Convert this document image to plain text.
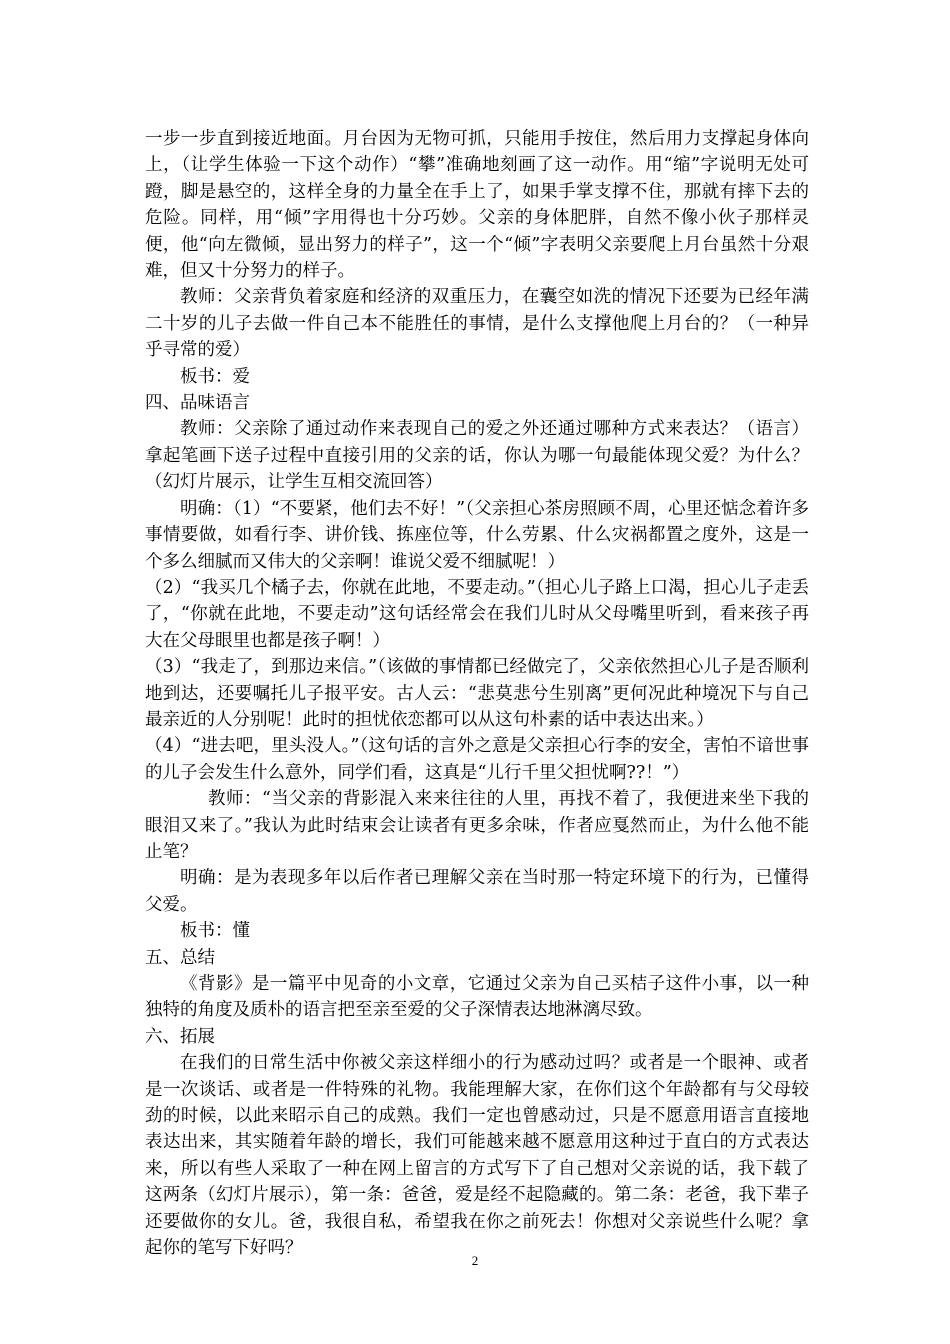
一步一步直到接近地面。月台因为无物可抓，只能用手按住，然后用力支撑起身体向上，（让学生体验一下这个动作）“攀”准确地刻画了这一动作。用“缩”字说明无处可蹬，脚是悬空的，这样全身的力量全在手上了，如果手掌支撑不住，那就有摔下去的危险。同样，用“倾”字用得也十分巧妙。父亲的身体肥胖，自然不像小伙子那样灵便，他“向左微倾，显出努力的样子”，这一个“倾”字表明父亲要爬上月台虽然十分艰难，但又十分努力的样子。

教师：父亲背负着家庭和经济的双重压力，在囊空如洗的情况下还要为已经年满二十岁的儿子去做一件自己本不能胜任的事情，是什么支撑他爬上月台的？（一种异乎寻常的爱）

板书：爱

四、品味语言

教师：父亲除了通过动作来表现自己的爱之外还通过哪种方式来表达？（语言）拿起笔画下送子过程中直接引用的父亲的话，你认为哪一句最能体现父爱？为什么？（幻灯片展示，让学生互相交流回答）

明确：（1）“不要紧，他们去不好！”（父亲担心茶房照顾不周，心里还惦念着许多事情要做，如看行李、讲价钱、拣座位等，什么劳累、什么灾祸都置之度外，这是一个多么细腻而又伟大的父亲啊！谁说父爱不细腻呢！）

（2）“我买几个橘子去，你就在此地，不要走动。”（担心儿子路上口渴，担心儿子走丢了，“你就在此地，不要走动”这句话经常会在我们儿时从父母嘴里听到，看来孩子再大在父母眼里也都是孩子啊！）

（3）“我走了，到那边来信。”（该做的事情都已经做完了，父亲依然担心儿子是否顺利地到达，还要嘱托儿子报平安。古人云：“悲莫悲兮生别离”更何况此种境况下与自己最亲近的人分别呢！此时的担忧依恋都可以从这句朴素的话中表达出来。）

（4）“进去吧，里头没人。”（这句话的言外之意是父亲担心行李的安全，害怕不谙世事的儿子会发生什么意外，同学们看，这真是“儿行千里父担忧啊??！”）

教师：“当父亲的背影混入来来往往的人里，再找不着了，我便进来坐下我的眼泪又来了。”我认为此时结束会让读者有更多余味，作者应戛然而止，为什么他不能止笔？

明确：是为表现多年以后作者已理解父亲在当时那一特定环境下的行为，已懂得父爱。

板书：懂

五、总结

《背影》是一篇平中见奇的小文章，它通过父亲为自己买桔子这件小事，以一种独特的角度及质朴的语言把至亲至爱的父子深情表达地淋漓尽致。

六、拓展

在我们的日常生活中你被父亲这样细小的行为感动过吗？或者是一个眼神、或者是一次谈话、或者是一件特殊的礼物。我能理解大家，在你们这个年龄都有与父母较劲的时候，以此来昭示自己的成熟。我们一定也曾感动过，只是不愿意用语言直接地表达出来，其实随着年龄的增长，我们可能越来越不愿意用这种过于直白的方式表达来，所以有些人采取了一种在网上留言的方式写下了自己想对父亲说的话，我下载了这两条（幻灯片展示），第一条：爸爸，爱是经不起隐藏的。第二条：老爸，我下辈子还要做你的女儿。爸，我很自私，希望我在你之前死去！你想对父亲说些什么呢？拿起你的笔写下好吗？

2
